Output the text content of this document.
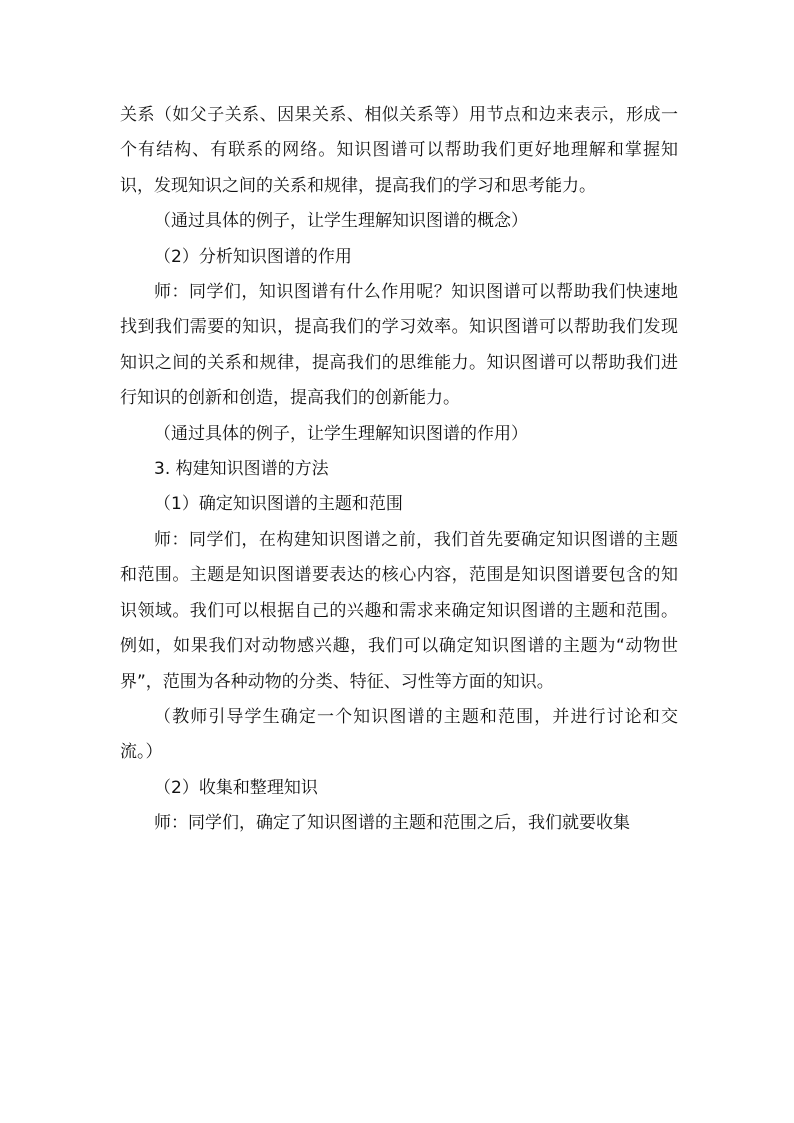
关系（如父子关系、因果关系、相似关系等）用节点和边来表示，形成一个有结构、有联系的网络。知识图谱可以帮助我们更好地理解和掌握知识，发现知识之间的关系和规律，提高我们的学习和思考能力。

（通过具体的例子，让学生理解知识图谱的概念）

（2）分析知识图谱的作用

师：同学们，知识图谱有什么作用呢？知识图谱可以帮助我们快速地找到我们需要的知识，提高我们的学习效率。知识图谱可以帮助我们发现知识之间的关系和规律，提高我们的思维能力。知识图谱可以帮助我们进行知识的创新和创造，提高我们的创新能力。

（通过具体的例子，让学生理解知识图谱的作用）

3. 构建知识图谱的方法

（1）确定知识图谱的主题和范围

师：同学们，在构建知识图谱之前，我们首先要确定知识图谱的主题和范围。主题是知识图谱要表达的核心内容，范围是知识图谱要包含的知识领域。我们可以根据自己的兴趣和需求来确定知识图谱的主题和范围。例如，如果我们对动物感兴趣，我们可以确定知识图谱的主题为“动物世界”，范围为各种动物的分类、特征、习性等方面的知识。

（教师引导学生确定一个知识图谱的主题和范围，并进行讨论和交流。）

（2）收集和整理知识

师：同学们，确定了知识图谱的主题和范围之后，我们就要收集
